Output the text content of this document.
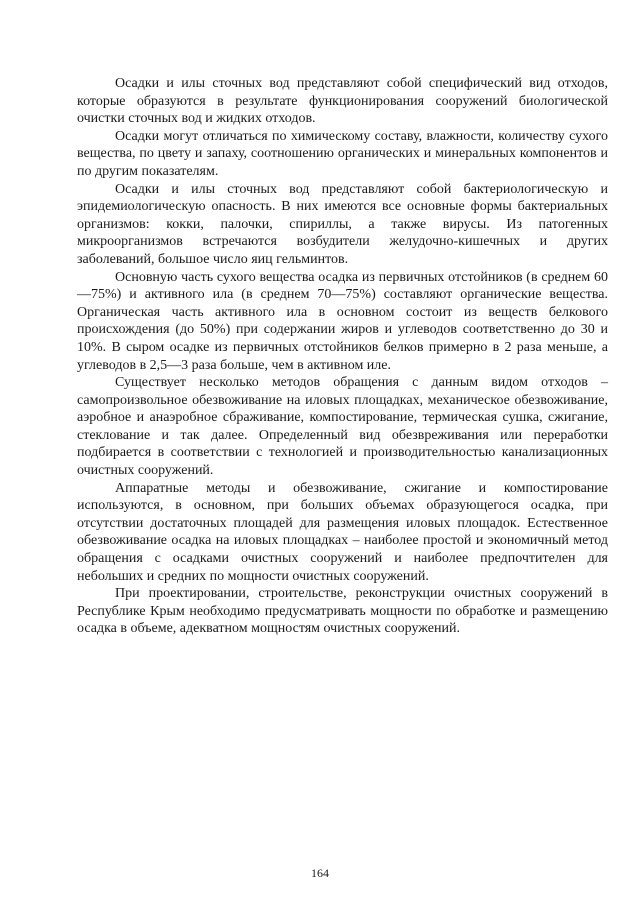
Осадки и илы сточных вод представляют собой специфический вид отходов, которые образуются в результате функционирования сооружений биологической очистки сточных вод и жидких отходов.

Осадки могут отличаться по химическому составу, влажности, количеству сухого вещества, по цвету и запаху, соотношению органических и минеральных компонентов и по другим показателям.

Осадки и илы сточных вод представляют собой бактериологическую и эпидемиологическую опасность. В них имеются все основные формы бактериальных организмов: кокки, палочки, спириллы, а также вирусы. Из патогенных микроорганизмов встречаются возбудители желудочно-кишечных и других заболеваний, большое число яиц гельминтов.

Основную часть сухого вещества осадка из первичных отстойников (в среднем 60—75%) и активного ила (в среднем 70—75%) составляют органические вещества. Органическая часть активного ила в основном состоит из веществ белкового происхождения (до 50%) при содержании жиров и углеводов соответственно до 30 и 10%. В сыром осадке из первичных отстойников белков примерно в 2 раза меньше, а углеводов в 2,5—3 раза больше, чем в активном иле.

Существует несколько методов обращения с данным видом отходов – самопроизвольное обезвоживание на иловых площадках, механическое обезвоживание, аэробное и анаэробное сбраживание, компостирование, термическая сушка, сжигание, стеклование и так далее. Определенный вид обезвреживания или переработки подбирается в соответствии с технологией и производительностью канализационных очистных сооружений.

Аппаратные методы и обезвоживание, сжигание и компостирование используются, в основном, при больших объемах образующегося осадка, при отсутствии достаточных площадей для размещения иловых площадок. Естественное обезвоживание осадка на иловых площадках – наиболее простой и экономичный метод обращения с осадками очистных сооружений и наиболее предпочтителен для небольших и средних по мощности очистных сооружений.

При проектировании, строительстве, реконструкции очистных сооружений в Республике Крым необходимо предусматривать мощности по обработке и размещению осадка в объеме, адекватном мощностям очистных сооружений.

164
